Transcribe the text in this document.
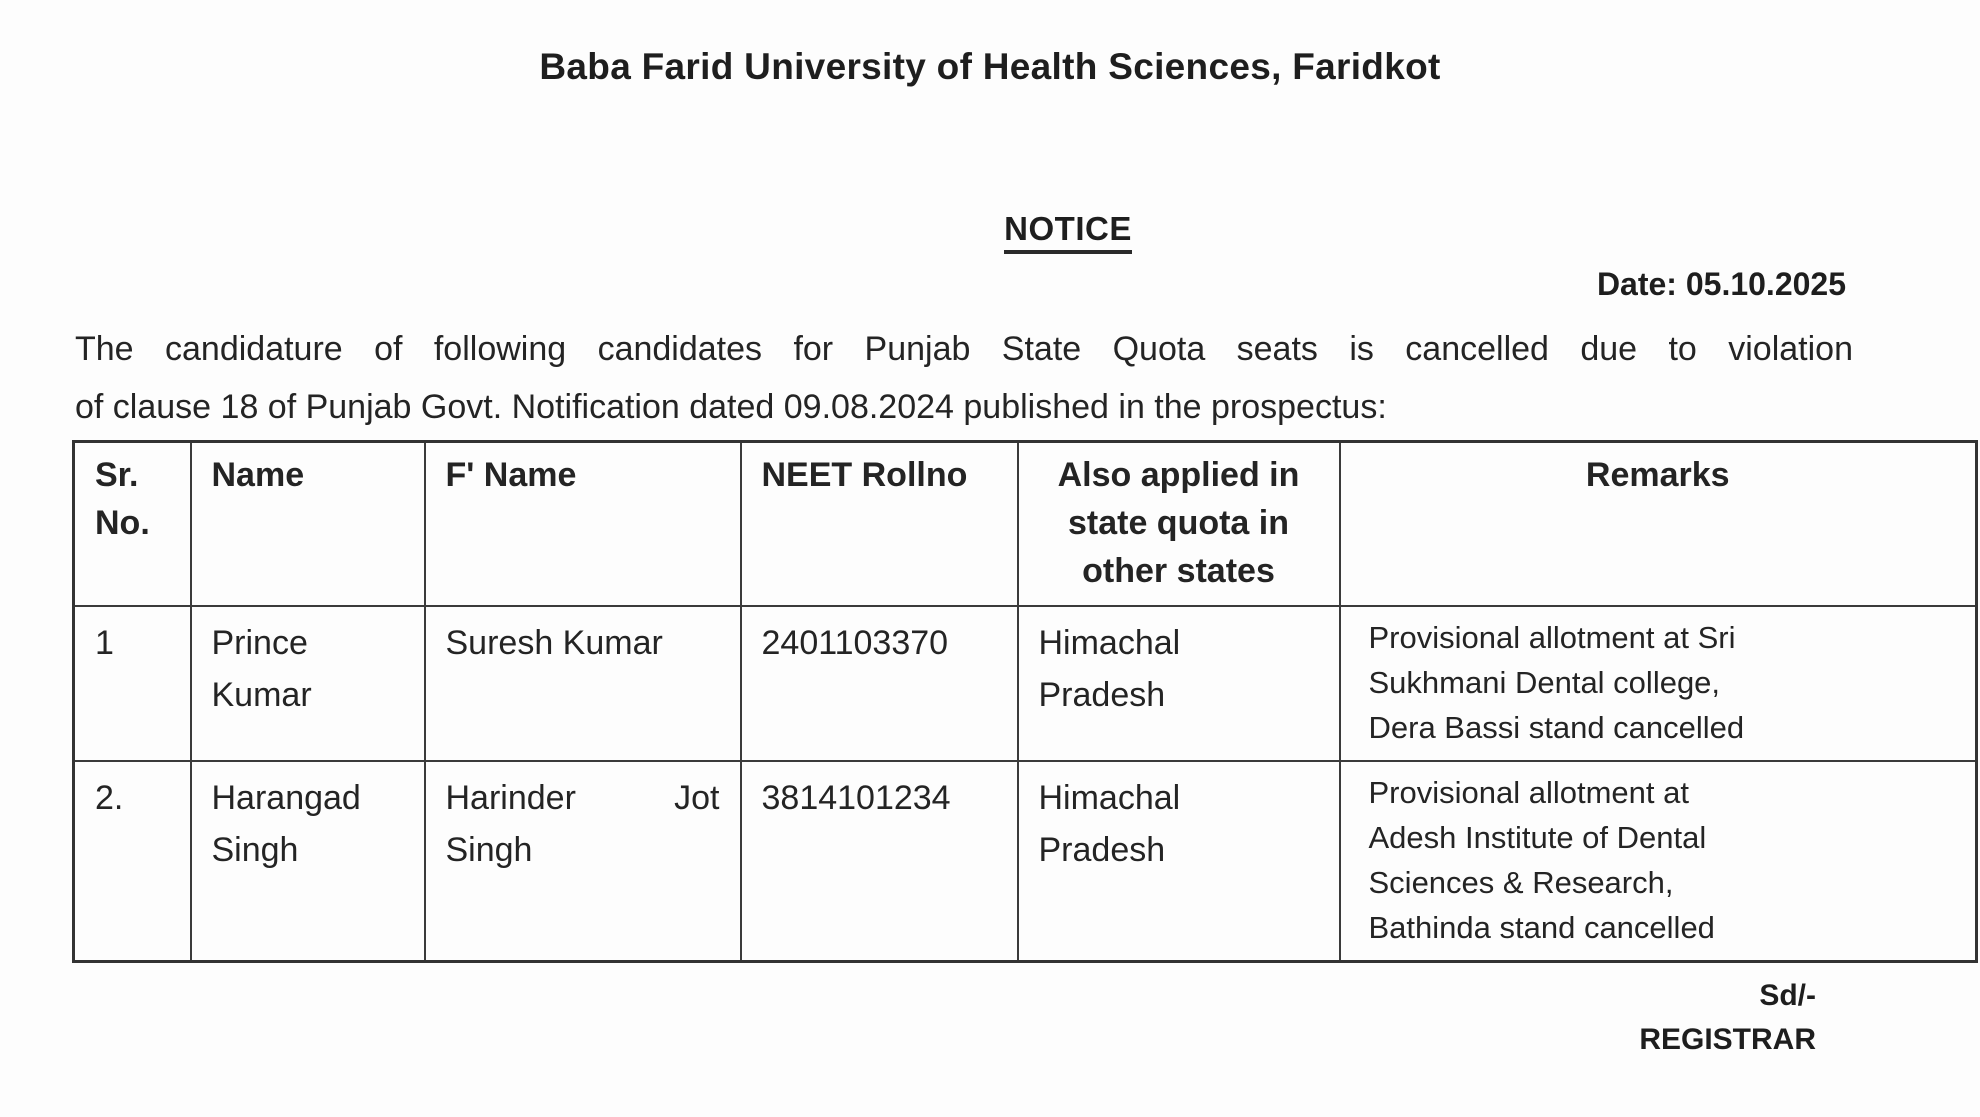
Baba Farid University of Health Sciences, Faridkot
NOTICE
Date: 05.10.2025
The candidature of following candidates for Punjab State Quota seats is cancelled due to violation
of clause 18 of Punjab Govt. Notification dated 09.08.2024 published in the prospectus:
Sr. No.	Name	F' Name	NEET Rollno	Also applied in state quota in other states	Remarks
1	Prince Kumar	Suresh Kumar	2401103370	Himachal Pradesh	Provisional allotment at Sri
Sukhmani Dental college,
Dera Bassi stand cancelled

2.	Harangad Singh	Harinder Jot Singh	3814101234	Himachal Pradesh	Provisional allotment at
Adesh Institute of Dental
Sciences & Research,
Bathinda stand cancelled
Sd/-
REGISTRAR
